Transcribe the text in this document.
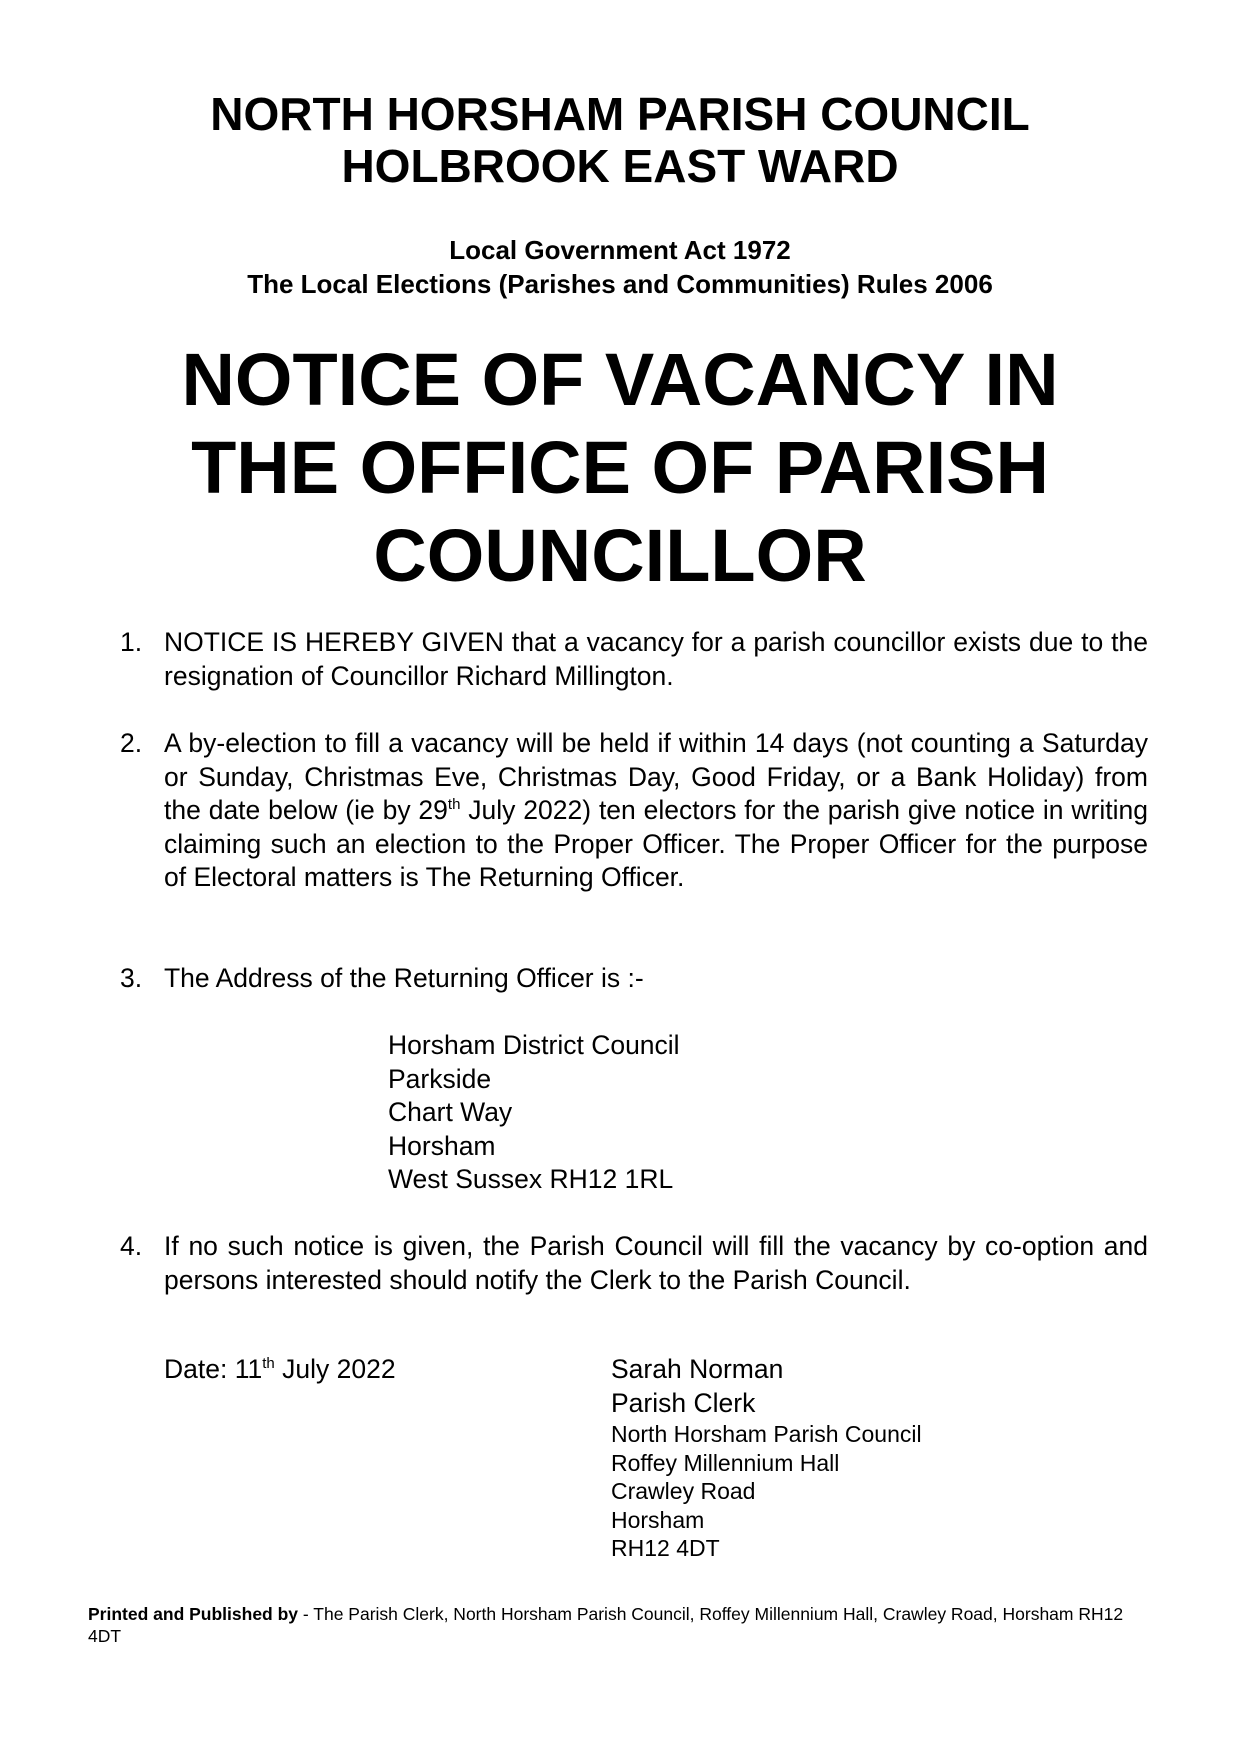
NORTH HORSHAM PARISH COUNCIL
HOLBROOK EAST WARD
Local Government Act 1972
The Local Elections (Parishes and Communities) Rules 2006
NOTICE OF VACANCY IN
THE OFFICE OF PARISH
COUNCILLOR
1. NOTICE IS HEREBY GIVEN that a vacancy for a parish councillor exists due to the resignation of Councillor Richard Millington.
2. A by-election to fill a vacancy will be held if within 14 days (not counting a Saturday or Sunday, Christmas Eve, Christmas Day, Good Friday, or a Bank Holiday) from the date below (ie by 29th July 2022) ten electors for the parish give notice in writing claiming such an election to the Proper Officer. The Proper Officer for the purpose of Electoral matters is The Returning Officer.
3. The Address of the Returning Officer is :-
Horsham District Council
Parkside
Chart Way
Horsham
West Sussex RH12 1RL
4. If no such notice is given, the Parish Council will fill the vacancy by co-option and persons interested should notify the Clerk to the Parish Council.
Date: 11th July 2022	Sarah Norman
Parish Clerk
North Horsham Parish Council
Roffey Millennium Hall
Crawley Road
Horsham
RH12 4DT
Printed and Published by - The Parish Clerk, North Horsham Parish Council, Roffey Millennium Hall, Crawley Road, Horsham RH12 4DT
